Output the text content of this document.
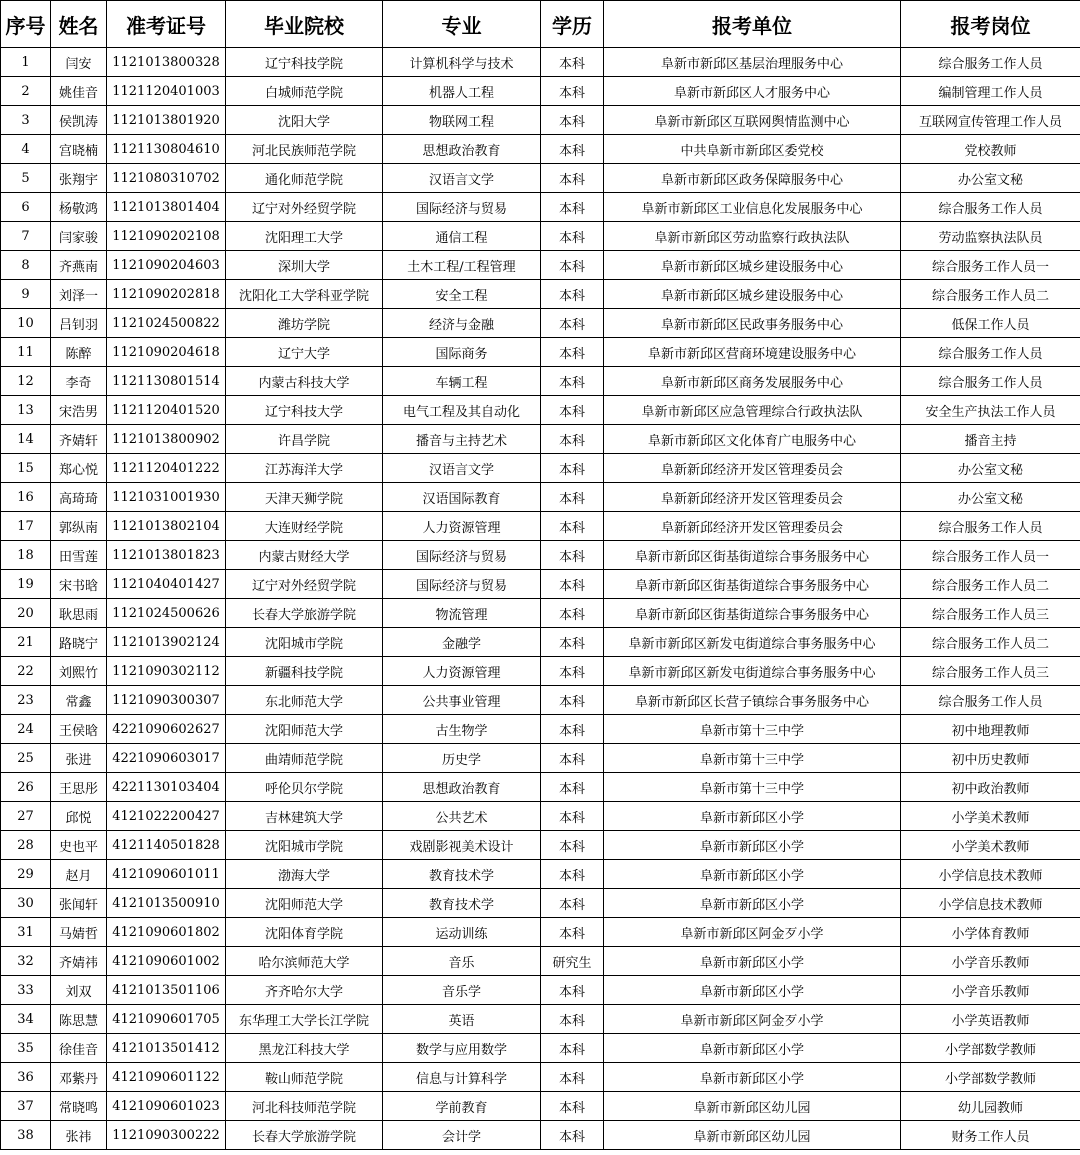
序号	姓名	准考证号	毕业院校	专业	学历	报考单位	报考岗位
1	闫安	1121013800328	辽宁科技学院	计算机科学与技术	本科	阜新市新邱区基层治理服务中心	综合服务工作人员
2	姚佳音	1121120401003	白城师范学院	机器人工程	本科	阜新市新邱区人才服务中心	编制管理工作人员
3	侯凯涛	1121013801920	沈阳大学	物联网工程	本科	阜新市新邱区互联网舆情监测中心	互联网宣传管理工作人员
4	宫晓楠	1121130804610	河北民族师范学院	思想政治教育	本科	中共阜新市新邱区委党校	党校教师
5	张翔宇	1121080310702	通化师范学院	汉语言文学	本科	阜新市新邱区政务保障服务中心	办公室文秘
6	杨敬鸿	1121013801404	辽宁对外经贸学院	国际经济与贸易	本科	阜新市新邱区工业信息化发展服务中心	综合服务工作人员
7	闫家骏	1121090202108	沈阳理工大学	通信工程	本科	阜新市新邱区劳动监察行政执法队	劳动监察执法队员
8	齐燕南	1121090204603	深圳大学	土木工程/工程管理	本科	阜新市新邱区城乡建设服务中心	综合服务工作人员一
9	刘泽一	1121090202818	沈阳化工大学科亚学院	安全工程	本科	阜新市新邱区城乡建设服务中心	综合服务工作人员二
10	吕钊羽	1121024500822	潍坊学院	经济与金融	本科	阜新市新邱区民政事务服务中心	低保工作人员
11	陈醉	1121090204618	辽宁大学	国际商务	本科	阜新市新邱区营商环境建设服务中心	综合服务工作人员
12	李奇	1121130801514	内蒙古科技大学	车辆工程	本科	阜新市新邱区商务发展服务中心	综合服务工作人员
13	宋浩男	1121120401520	辽宁科技大学	电气工程及其自动化	本科	阜新市新邱区应急管理综合行政执法队	安全生产执法工作人员
14	齐婧轩	1121013800902	许昌学院	播音与主持艺术	本科	阜新市新邱区文化体育广电服务中心	播音主持
15	郑心悦	1121120401222	江苏海洋大学	汉语言文学	本科	阜新新邱经济开发区管理委员会	办公室文秘
16	高琦琦	1121031001930	天津天狮学院	汉语国际教育	本科	阜新新邱经济开发区管理委员会	办公室文秘
17	郭纵南	1121013802104	大连财经学院	人力资源管理	本科	阜新新邱经济开发区管理委员会	综合服务工作人员
18	田雪莲	1121013801823	内蒙古财经大学	国际经济与贸易	本科	阜新市新邱区街基街道综合事务服务中心	综合服务工作人员一
19	宋书晗	1121040401427	辽宁对外经贸学院	国际经济与贸易	本科	阜新市新邱区街基街道综合事务服务中心	综合服务工作人员二
20	耿思雨	1121024500626	长春大学旅游学院	物流管理	本科	阜新市新邱区街基街道综合事务服务中心	综合服务工作人员三
21	路晓宁	1121013902124	沈阳城市学院	金融学	本科	阜新市新邱区新发屯街道综合事务服务中心	综合服务工作人员二
22	刘熙竹	1121090302112	新疆科技学院	人力资源管理	本科	阜新市新邱区新发屯街道综合事务服务中心	综合服务工作人员三
23	常鑫	1121090300307	东北师范大学	公共事业管理	本科	阜新市新邱区长营子镇综合事务服务中心	综合服务工作人员
24	王侯晗	4221090602627	沈阳师范大学	古生物学	本科	阜新市第十三中学	初中地理教师
25	张进	4221090603017	曲靖师范学院	历史学	本科	阜新市第十三中学	初中历史教师
26	王思彤	4221130103404	呼伦贝尔学院	思想政治教育	本科	阜新市第十三中学	初中政治教师
27	邱悦	4121022200427	吉林建筑大学	公共艺术	本科	阜新市新邱区小学	小学美术教师
28	史也平	4121140501828	沈阳城市学院	戏剧影视美术设计	本科	阜新市新邱区小学	小学美术教师
29	赵月	4121090601011	渤海大学	教育技术学	本科	阜新市新邱区小学	小学信息技术教师
30	张闻轩	4121013500910	沈阳师范大学	教育技术学	本科	阜新市新邱区小学	小学信息技术教师
31	马婧哲	4121090601802	沈阳体育学院	运动训练	本科	阜新市新邱区阿金歹小学	小学体育教师
32	齐婧祎	4121090601002	哈尔滨师范大学	音乐	研究生	阜新市新邱区小学	小学音乐教师
33	刘双	4121013501106	齐齐哈尔大学	音乐学	本科	阜新市新邱区小学	小学音乐教师
34	陈思慧	4121090601705	东华理工大学长江学院	英语	本科	阜新市新邱区阿金歹小学	小学英语教师
35	徐佳音	4121013501412	黑龙江科技大学	数学与应用数学	本科	阜新市新邱区小学	小学部数学教师
36	邓紫丹	4121090601122	鞍山师范学院	信息与计算科学	本科	阜新市新邱区小学	小学部数学教师
37	常晓鸣	4121090601023	河北科技师范学院	学前教育	本科	阜新市新邱区幼儿园	幼儿园教师
38	张祎	1121090300222	长春大学旅游学院	会计学	本科	阜新市新邱区幼儿园	财务工作人员
